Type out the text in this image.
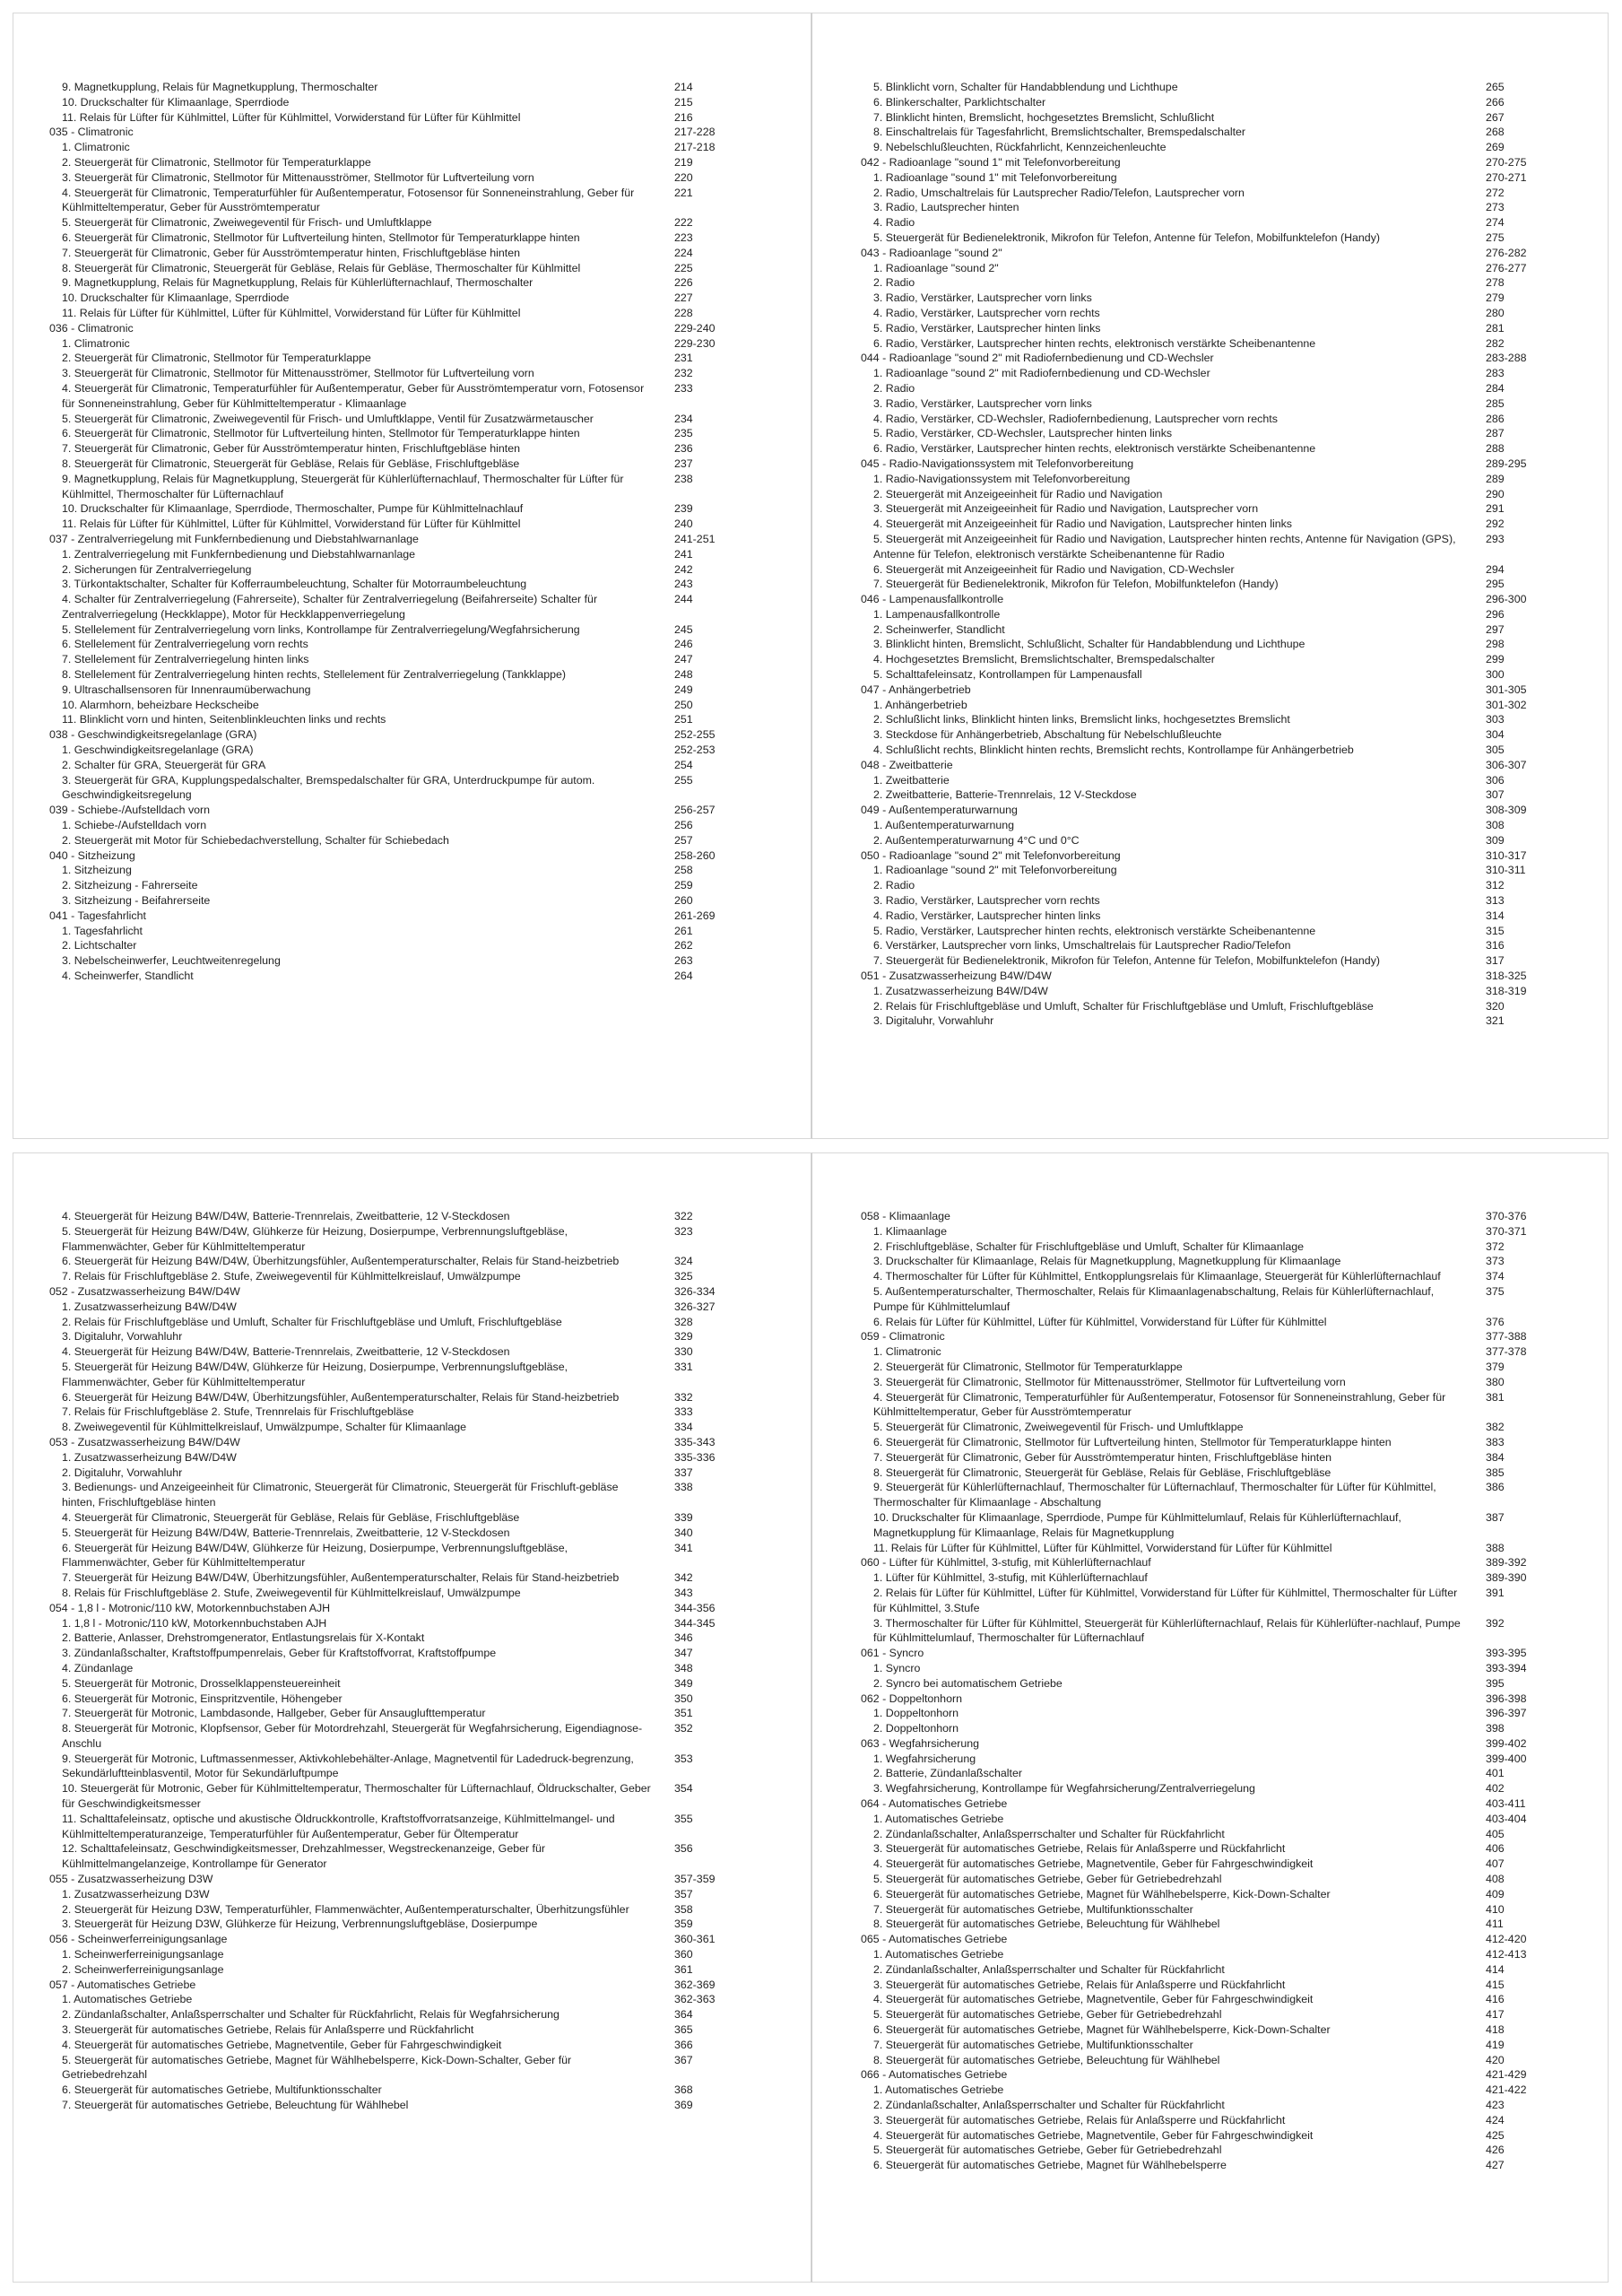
9. Magnetkupplung, Relais für Magnetkupplung, Thermoschalter	214
10. Druckschalter für Klimaanlage, Sperrdiode	215
11. Relais für Lüfter für Kühlmittel, Lüfter für Kühlmittel, Vorwiderstand für Lüfter für Kühlmittel	216
035 - Climatronic	217-228
1. Climatronic	217-218
2. Steuergerät für Climatronic, Stellmotor für Temperaturklappe	219
3. Steuergerät für Climatronic, Stellmotor für Mittenausströmer, Stellmotor für Luftverteilung vorn	220
4. Steuergerät für Climatronic, Temperaturfühler für Außentemperatur, Fotosensor für Sonneneinstrahlung, Geber für Kühlmitteltemperatur, Geber für Ausströmtemperatur
221
5. Steuergerät für Climatronic, Zweiwegeventil für Frisch- und Umluftklappe	222
6. Steuergerät für Climatronic, Stellmotor für Luftverteilung hinten, Stellmotor für Temperaturklappe hinten	223
7. Steuergerät für Climatronic, Geber für Ausströmtemperatur hinten, Frischluftgebläse hinten	224
8. Steuergerät für Climatronic, Steuergerät für Gebläse, Relais für Gebläse, Thermoschalter für Kühlmittel	225
9. Magnetkupplung, Relais für Magnetkupplung, Relais für Kühlerlüfternachlauf, Thermoschalter	226
10. Druckschalter für Klimaanlage, Sperrdiode	227
11. Relais für Lüfter für Kühlmittel, Lüfter für Kühlmittel, Vorwiderstand für Lüfter für Kühlmittel	228
036 - Climatronic	229-240
1. Climatronic	229-230
2. Steuergerät für Climatronic, Stellmotor für Temperaturklappe	231
3. Steuergerät für Climatronic, Stellmotor für Mittenausströmer, Stellmotor für Luftverteilung vorn	232
4. Steuergerät für Climatronic, Temperaturfühler für Außentemperatur, Geber für Ausströmtemperatur vorn, Fotosensor für Sonneneinstrahlung, Geber für Kühlmitteltemperatur - Klimaanlage
233
5. Steuergerät für Climatronic, Zweiwegeventil für Frisch- und Umluftklappe, Ventil für Zusatzwärmetauscher	234
6. Steuergerät für Climatronic, Stellmotor für Luftverteilung hinten, Stellmotor für Temperaturklappe hinten	235
7. Steuergerät für Climatronic, Geber für Ausströmtemperatur hinten, Frischluftgebläse hinten	236
8. Steuergerät für Climatronic, Steuergerät für Gebläse, Relais für Gebläse, Frischluftgebläse	237
9. Magnetkupplung, Relais für Magnetkupplung, Steuergerät für Kühlerlüfternachlauf, Thermoschalter für Lüfter für Kühlmittel, Thermoschalter für Lüfternachlauf
238
10. Druckschalter für Klimaanlage, Sperrdiode, Thermoschalter, Pumpe für Kühlmittelnachlauf	239
11. Relais für Lüfter für Kühlmittel, Lüfter für Kühlmittel, Vorwiderstand für Lüfter für Kühlmittel	240
037 - Zentralverriegelung mit Funkfernbedienung und Diebstahlwarnanlage	241-251
1. Zentralverriegelung mit Funkfernbedienung und Diebstahlwarnanlage	241
2. Sicherungen für Zentralverriegelung	242
3. Türkontaktschalter, Schalter für Kofferraumbeleuchtung, Schalter für Motorraumbeleuchtung	243
4. Schalter für Zentralverriegelung (Fahrerseite), Schalter für Zentralverriegelung (Beifahrerseite) Schalter für Zentralverriegelung (Heckklappe), Motor für Heckklappenverriegelung
244
5. Stellelement für Zentralverriegelung vorn links, Kontrollampe für Zentralverriegelung/Wegfahrsicherung	245
6. Stellelement für Zentralverriegelung vorn rechts	246
7. Stellelement für Zentralverriegelung hinten links	247
8. Stellelement für Zentralverriegelung hinten rechts, Stellelement für Zentralverriegelung (Tankklappe)	248
9. Ultraschallsensoren für Innenraumüberwachung	249
10. Alarmhorn, beheizbare Heckscheibe	250
11. Blinklicht vorn und hinten, Seitenblinkleuchten links und rechts	251
038 - Geschwindigkeitsregelanlage (GRA)	252-255
1. Geschwindigkeitsregelanlage (GRA)	252-253
2. Schalter für GRA, Steuergerät für GRA	254
3. Steuergerät für GRA, Kupplungspedalschalter, Bremspedalschalter für GRA, Unterdruckpumpe für autom. Geschwindigkeitsregelung
255
039 - Schiebe-/Aufstelldach vorn	256-257
1. Schiebe-/Aufstelldach vorn	256
2. Steuergerät mit Motor für Schiebedachverstellung, Schalter für Schiebedach	257
040 - Sitzheizung	258-260
1. Sitzheizung	258
2. Sitzheizung - Fahrerseite	259
3. Sitzheizung - Beifahrerseite	260
041 - Tagesfahrlicht	261-269
1. Tagesfahrlicht	261
2. Lichtschalter	262
3. Nebelscheinwerfer, Leuchtweitenregelung	263
4. Scheinwerfer, Standlicht	264
5. Blinklicht vorn, Schalter für Handabblendung und Lichthupe	265
6. Blinkerschalter, Parklichtschalter	266
7. Blinklicht hinten, Bremslicht, hochgesetztes Bremslicht, Schlußlicht	267
8. Einschaltrelais für Tagesfahrlicht, Bremslichtschalter, Bremspedalschalter	268
9. Nebelschlußleuchten, Rückfahrlicht, Kennzeichenleuchte	269
042 - Radioanlage "sound 1" mit Telefonvorbereitung	270-275
1. Radioanlage "sound 1" mit Telefonvorbereitung	270-271
2. Radio, Umschaltrelais für Lautsprecher Radio/Telefon, Lautsprecher vorn	272
3. Radio, Lautsprecher hinten	273
4. Radio	274
5. Steuergerät für Bedienelektronik, Mikrofon für Telefon, Antenne für Telefon, Mobilfunktelefon (Handy)	275
043 - Radioanlage "sound 2"	276-282
1. Radioanlage "sound 2"	276-277
2. Radio	278
3. Radio, Verstärker, Lautsprecher vorn links	279
4. Radio, Verstärker, Lautsprecher vorn rechts	280
5. Radio, Verstärker, Lautsprecher hinten links	281
6. Radio, Verstärker, Lautsprecher hinten rechts, elektronisch verstärkte Scheibenantenne	282
044 - Radioanlage "sound 2" mit Radiofernbedienung und CD-Wechsler	283-288
1. Radioanlage "sound 2" mit Radiofernbedienung und CD-Wechsler	283
2. Radio	284
3. Radio, Verstärker, Lautsprecher vorn links	285
4. Radio, Verstärker, CD-Wechsler, Radiofernbedienung, Lautsprecher vorn rechts	286
5. Radio, Verstärker, CD-Wechsler, Lautsprecher hinten links	287
6. Radio, Verstärker, Lautsprecher hinten rechts, elektronisch verstärkte Scheibenantenne	288
045 - Radio-Navigationssystem mit Telefonvorbereitung	289-295
1. Radio-Navigationssystem mit Telefonvorbereitung	289
2. Steuergerät mit Anzeigeeinheit für Radio und Navigation	290
3. Steuergerät mit Anzeigeeinheit für Radio und Navigation, Lautsprecher vorn	291
4. Steuergerät mit Anzeigeeinheit für Radio und Navigation, Lautsprecher hinten links	292
5. Steuergerät mit Anzeigeeinheit für Radio und Navigation, Lautsprecher hinten rechts, Antenne für Navigation (GPS), Antenne für Telefon, elektronisch verstärkte Scheibenantenne für Radio
293
6. Steuergerät mit Anzeigeeinheit für Radio und Navigation, CD-Wechsler	294
7. Steuergerät für Bedienelektronik, Mikrofon für Telefon, Mobilfunktelefon (Handy)	295
046 - Lampenausfallkontrolle	296-300
1. Lampenausfallkontrolle	296
2. Scheinwerfer, Standlicht	297
3. Blinklicht hinten, Bremslicht, Schlußlicht, Schalter für Handabblendung und Lichthupe	298
4. Hochgesetztes Bremslicht, Bremslichtschalter, Bremspedalschalter	299
5. Schalttafeleinsatz, Kontrollampen für Lampenausfall	300
047 - Anhängerbetrieb	301-305
1. Anhängerbetrieb	301-302
2. Schlußlicht links, Blinklicht hinten links, Bremslicht links, hochgesetztes Bremslicht	303
3. Steckdose für Anhängerbetrieb, Abschaltung für Nebelschlußleuchte	304
4. Schlußlicht rechts, Blinklicht hinten rechts, Bremslicht rechts, Kontrollampe für Anhängerbetrieb	305
048 - Zweitbatterie	306-307
1. Zweitbatterie	306
2. Zweitbatterie, Batterie-Trennrelais, 12 V-Steckdose	307
049 - Außentemperaturwarnung	308-309
1. Außentemperaturwarnung	308
2. Außentemperaturwarnung 4°C und 0°C	309
050 - Radioanlage "sound 2" mit Telefonvorbereitung	310-317
1. Radioanlage "sound 2" mit Telefonvorbereitung	310-311
2. Radio	312
3. Radio, Verstärker, Lautsprecher vorn rechts	313
4. Radio, Verstärker, Lautsprecher hinten links	314
5. Radio, Verstärker, Lautsprecher hinten rechts, elektronisch verstärkte Scheibenantenne	315
6. Verstärker, Lautsprecher vorn links, Umschaltrelais für Lautsprecher Radio/Telefon	316
7. Steuergerät für Bedienelektronik, Mikrofon für Telefon, Antenne für Telefon, Mobilfunktelefon (Handy)	317
051 - Zusatzwasserheizung B4W/D4W	318-325
1. Zusatzwasserheizung B4W/D4W	318-319
2. Relais für Frischluftgebläse und Umluft, Schalter für Frischluftgebläse und Umluft, Frischluftgebläse	320
3. Digitaluhr, Vorwahluhr	321
4. Steuergerät für Heizung B4W/D4W, Batterie-Trennrelais, Zweitbatterie, 12 V-Steckdosen	322
5. Steuergerät für Heizung B4W/D4W, Glühkerze für Heizung, Dosierpumpe, Verbrennungsluftgebläse, Flammenwächter, Geber für Kühlmitteltemperatur
323
6. Steuergerät für Heizung B4W/D4W, Überhitzungsfühler, Außentemperaturschalter, Relais für Stand-heizbetrieb	324
7. Relais für Frischluftgebläse 2. Stufe, Zweiwegeventil für Kühlmittelkreislauf, Umwälzpumpe	325
052 - Zusatzwasserheizung B4W/D4W	326-334
1. Zusatzwasserheizung B4W/D4W	326-327
2. Relais für Frischluftgebläse und Umluft, Schalter für Frischluftgebläse und Umluft, Frischluftgebläse	328
3. Digitaluhr, Vorwahluhr	329
4. Steuergerät für Heizung B4W/D4W, Batterie-Trennrelais, Zweitbatterie, 12 V-Steckdosen	330
5. Steuergerät für Heizung B4W/D4W, Glühkerze für Heizung, Dosierpumpe, Verbrennungsluftgebläse, Flammenwächter, Geber für Kühlmitteltemperatur
331
6. Steuergerät für Heizung B4W/D4W, Überhitzungsfühler, Außentemperaturschalter, Relais für Stand-heizbetrieb	332
7. Relais für Frischluftgebläse 2. Stufe, Trennrelais für Frischluftgebläse	333
8. Zweiwegeventil für Kühlmittelkreislauf, Umwälzpumpe, Schalter für Klimaanlage	334
053 - Zusatzwasserheizung B4W/D4W	335-343
1. Zusatzwasserheizung B4W/D4W	335-336
2. Digitaluhr, Vorwahluhr	337
3. Bedienungs- und Anzeigeeinheit für Climatronic, Steuergerät für Climatronic, Steuergerät für Frischluft-gebläse hinten, Frischluftgebläse hinten
338
4. Steuergerät für Climatronic, Steuergerät für Gebläse, Relais für Gebläse, Frischluftgebläse	339
5. Steuergerät für Heizung B4W/D4W, Batterie-Trennrelais, Zweitbatterie, 12 V-Steckdosen	340
6. Steuergerät für Heizung B4W/D4W, Glühkerze für Heizung, Dosierpumpe, Verbrennungsluftgebläse, Flammenwächter, Geber für Kühlmitteltemperatur
341
7. Steuergerät für Heizung B4W/D4W, Überhitzungsfühler, Außentemperaturschalter, Relais für Stand-heizbetrieb	342
8. Relais für Frischluftgebläse 2. Stufe, Zweiwegeventil für Kühlmittelkreislauf, Umwälzpumpe	343
054 - 1,8 l - Motronic/110 kW, Motorkennbuchstaben AJH	344-356
1. 1,8 l - Motronic/110 kW, Motorkennbuchstaben AJH	344-345
2. Batterie, Anlasser, Drehstromgenerator, Entlastungsrelais für X-Kontakt	346
3. Zündanlaßschalter, Kraftstoffpumpenrelais, Geber für Kraftstoffvorrat, Kraftstoffpumpe	347
4. Zündanlage	348
5. Steuergerät für Motronic, Drosselklappensteuereinheit	349
6. Steuergerät für Motronic, Einspritzventile, Höhengeber	350
7. Steuergerät für Motronic, Lambdasonde, Hallgeber, Geber für Ansauglufttemperatur	351
8. Steuergerät für Motronic, Klopfsensor, Geber für Motordrehzahl, Steuergerät für Wegfahrsicherung, Eigendiagnose-Anschlu
352
9. Steuergerät für Motronic, Luftmassenmesser, Aktivkohlebehälter-Anlage, Magnetventil für Ladedruck-begrenzung, Sekundärluftteinblasventil, Motor für Sekundärluftpumpe
353
10. Steuergerät für Motronic, Geber für Kühlmitteltemperatur, Thermoschalter für Lüfternachlauf, Öldruckschalter, Geber für Geschwindigkeitsmesser
354
11. Schalttafeleinsatz, optische und akustische Öldruckkontrolle, Kraftstoffvorratsanzeige, Kühlmittelmangel- und Kühlmitteltemperaturanzeige, Temperaturfühler für Außentemperatur, Geber für Öltemperatur
355
12. Schalttafeleinsatz, Geschwindigkeitsmesser, Drehzahlmesser, Wegstreckenanzeige, Geber für Kühlmittelmangelanzeige, Kontrollampe für Generator
356
055 - Zusatzwasserheizung D3W	357-359
1. Zusatzwasserheizung D3W	357
2. Steuergerät für Heizung D3W, Temperaturfühler, Flammenwächter, Außentemperaturschalter, Überhitzungsfühler	358
3. Steuergerät für Heizung D3W, Glühkerze für Heizung, Verbrennungsluftgebläse, Dosierpumpe	359
056 - Scheinwerferreinigungsanlage	360-361
1. Scheinwerferreinigungsanlage	360
2. Scheinwerferreinigungsanlage	361
057 - Automatisches Getriebe	362-369
1. Automatisches Getriebe	362-363
2. Zündanlaßschalter, Anlaßsperrschalter und Schalter für Rückfahrlicht, Relais für Wegfahrsicherung	364
3. Steuergerät für automatisches Getriebe, Relais für Anlaßsperre und Rückfahrlicht	365
4. Steuergerät für automatisches Getriebe, Magnetventile, Geber für Fahrgeschwindigkeit	366
5. Steuergerät für automatisches Getriebe, Magnet für Wählhebelsperre, Kick-Down-Schalter, Geber für Getriebedrehzahl
367
6. Steuergerät für automatisches Getriebe, Multifunktionsschalter	368
7. Steuergerät für automatisches Getriebe, Beleuchtung für Wählhebel	369
058 - Klimaanlage	370-376
1. Klimaanlage	370-371
2. Frischluftgebläse, Schalter für Frischluftgebläse und Umluft, Schalter für Klimaanlage	372
3. Druckschalter für Klimaanlage, Relais für Magnetkupplung, Magnetkupplung für Klimaanlage	373
4. Thermoschalter für Lüfter für Kühlmittel, Entkopplungsrelais für Klimaanlage, Steuergerät für Kühlerlüfternachlauf	374
5. Außentemperaturschalter, Thermoschalter, Relais für Klimaanlagenabschaltung, Relais für Kühlerlüfternachlauf, Pumpe für Kühlmittelumlauf
375
6. Relais für Lüfter für Kühlmittel, Lüfter für Kühlmittel, Vorwiderstand für Lüfter für Kühlmittel	376
059 - Climatronic	377-388
1. Climatronic	377-378
2. Steuergerät für Climatronic, Stellmotor für Temperaturklappe	379
3. Steuergerät für Climatronic, Stellmotor für Mittenausströmer, Stellmotor für Luftverteilung vorn	380
4. Steuergerät für Climatronic, Temperaturfühler für Außentemperatur, Fotosensor für Sonneneinstrahlung, Geber für Kühlmitteltemperatur, Geber für Ausströmtemperatur
381
5. Steuergerät für Climatronic, Zweiwegeventil für Frisch- und Umluftklappe	382
6. Steuergerät für Climatronic, Stellmotor für Luftverteilung hinten, Stellmotor für Temperaturklappe hinten	383
7. Steuergerät für Climatronic, Geber für Ausströmtemperatur hinten, Frischluftgebläse hinten	384
8. Steuergerät für Climatronic, Steuergerät für Gebläse, Relais für Gebläse, Frischluftgebläse	385
9. Steuergerät für Kühlerlüfternachlauf, Thermoschalter für Lüfternachlauf, Thermoschalter für Lüfter für Kühlmittel, Thermoschalter für Klimaanlage - Abschaltung
386
10. Druckschalter für Klimaanlage, Sperrdiode, Pumpe für Kühlmittelumlauf, Relais für Kühlerlüfternachlauf, Magnetkupplung für Klimaanlage, Relais für Magnetkupplung
387
11. Relais für Lüfter für Kühlmittel, Lüfter für Kühlmittel, Vorwiderstand für Lüfter für Kühlmittel	388
060 - Lüfter für Kühlmittel, 3-stufig, mit Kühlerlüfternachlauf	389-392
1. Lüfter für Kühlmittel, 3-stufig, mit Kühlerlüfternachlauf	389-390
2. Relais für Lüfter für Kühlmittel, Lüfter für Kühlmittel, Vorwiderstand für Lüfter für Kühlmittel, Thermoschalter für Lüfter für Kühlmittel, 3.Stufe
391
3. Thermoschalter für Lüfter für Kühlmittel, Steuergerät für Kühlerlüfternachlauf, Relais für Kühlerlüfter-nachlauf, Pumpe für Kühlmittelumlauf, Thermoschalter für Lüfternachlauf
392
061 - Syncro	393-395
1. Syncro	393-394
2. Syncro bei automatischem Getriebe	395
062 - Doppeltonhorn	396-398
1. Doppeltonhorn	396-397
2. Doppeltonhorn	398
063 - Wegfahrsicherung	399-402
1. Wegfahrsicherung	399-400
2. Batterie, Zündanlaßschalter	401
3. Wegfahrsicherung, Kontrollampe für Wegfahrsicherung/Zentralverriegelung	402
064 - Automatisches Getriebe	403-411
1. Automatisches Getriebe	403-404
2. Zündanlaßschalter, Anlaßsperrschalter und Schalter für Rückfahrlicht	405
3. Steuergerät für automatisches Getriebe, Relais für Anlaßsperre und Rückfahrlicht	406
4. Steuergerät für automatisches Getriebe, Magnetventile, Geber für Fahrgeschwindigkeit	407
5. Steuergerät für automatisches Getriebe, Geber für Getriebedrehzahl	408
6. Steuergerät für automatisches Getriebe, Magnet für Wählhebelsperre, Kick-Down-Schalter	409
7. Steuergerät für automatisches Getriebe, Multifunktionsschalter	410
8. Steuergerät für automatisches Getriebe, Beleuchtung für Wählhebel	411
065 - Automatisches Getriebe	412-420
1. Automatisches Getriebe	412-413
2. Zündanlaßschalter, Anlaßsperrschalter und Schalter für Rückfahrlicht	414
3. Steuergerät für automatisches Getriebe, Relais für Anlaßsperre und Rückfahrlicht	415
4. Steuergerät für automatisches Getriebe, Magnetventile, Geber für Fahrgeschwindigkeit	416
5. Steuergerät für automatisches Getriebe, Geber für Getriebedrehzahl	417
6. Steuergerät für automatisches Getriebe, Magnet für Wählhebelsperre, Kick-Down-Schalter	418
7. Steuergerät für automatisches Getriebe, Multifunktionsschalter	419
8. Steuergerät für automatisches Getriebe, Beleuchtung für Wählhebel	420
066 - Automatisches Getriebe	421-429
1. Automatisches Getriebe	421-422
2. Zündanlaßschalter, Anlaßsperrschalter und Schalter für Rückfahrlicht	423
3. Steuergerät für automatisches Getriebe, Relais für Anlaßsperre und Rückfahrlicht	424
4. Steuergerät für automatisches Getriebe, Magnetventile, Geber für Fahrgeschwindigkeit	425
5. Steuergerät für automatisches Getriebe, Geber für Getriebedrehzahl	426
6. Steuergerät für automatisches Getriebe, Magnet für Wählhebelsperre	427
